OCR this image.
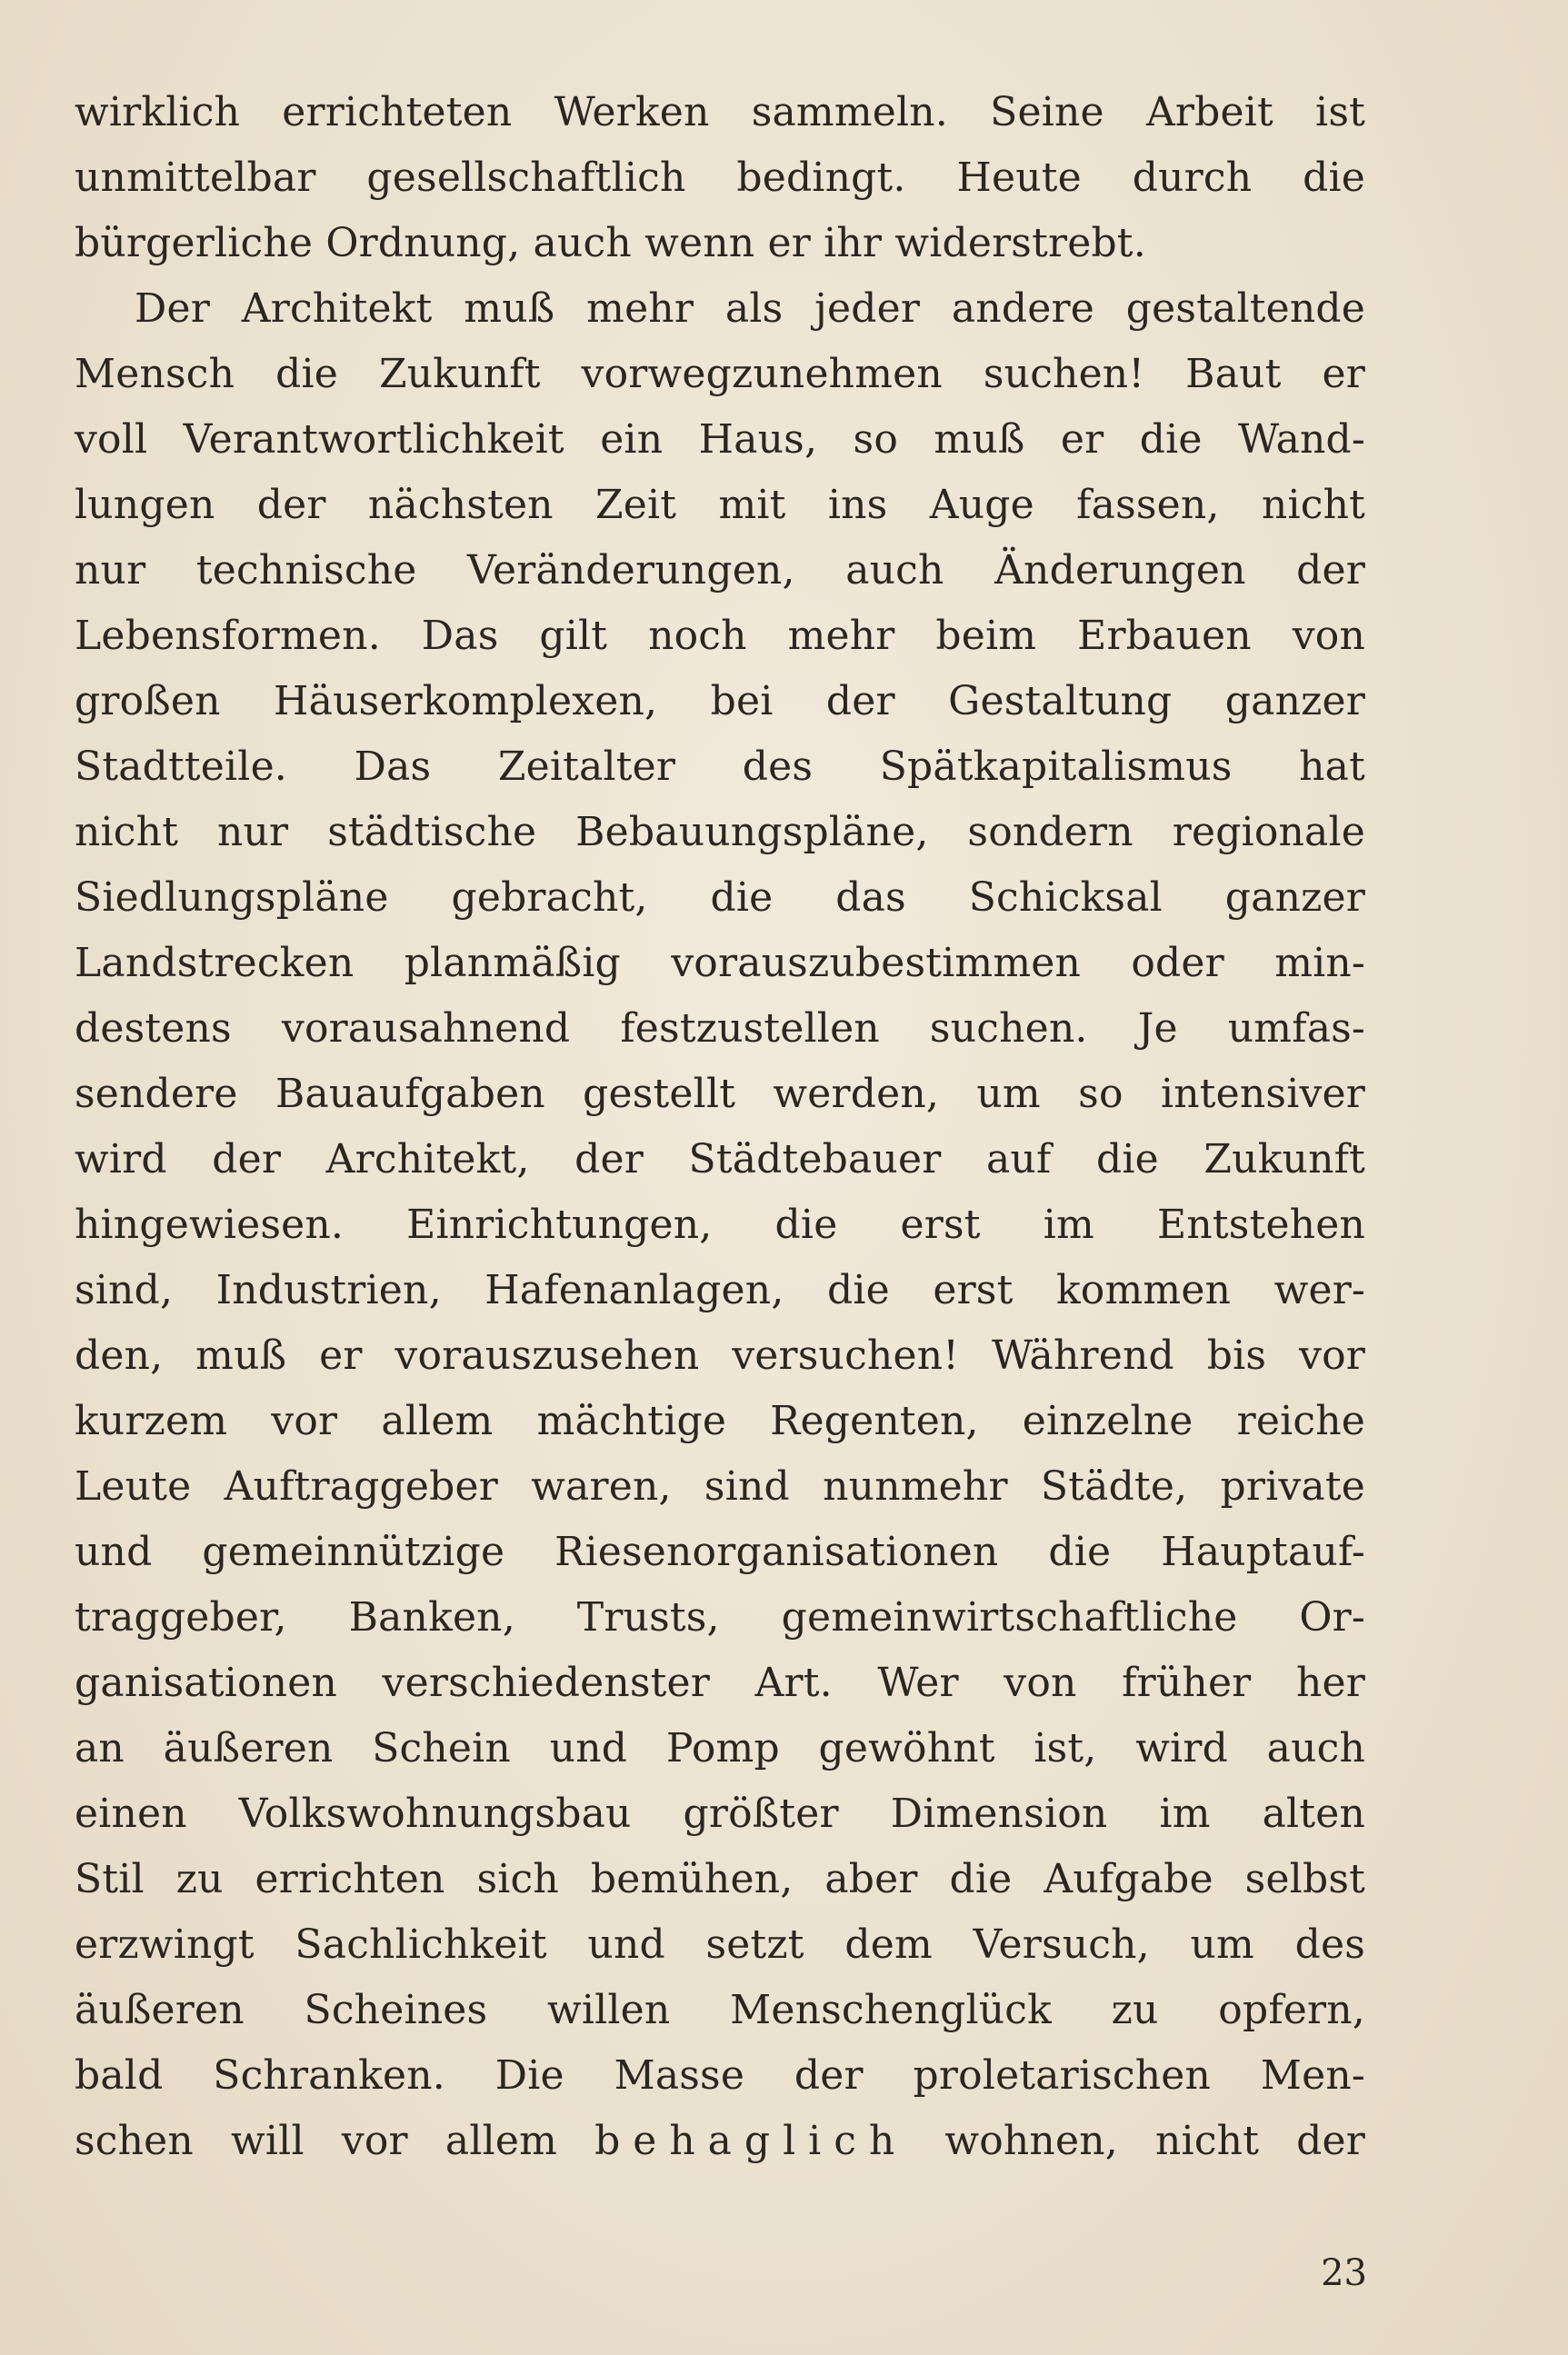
wirklich errichteten Werken sammeln. Seine Arbeit ist
unmittelbar gesellschaftlich bedingt. Heute durch die
bürgerliche Ordnung, auch wenn er ihr widerstrebt.
Der Architekt muß mehr als jeder andere gestaltende
Mensch die Zukunft vorwegzunehmen suchen! Baut er
voll Verantwortlichkeit ein Haus, so muß er die Wand-
lungen der nächsten Zeit mit ins Auge fassen, nicht
nur technische Veränderungen, auch Änderungen der
Lebensformen. Das gilt noch mehr beim Erbauen von
großen Häuserkomplexen, bei der Gestaltung ganzer
Stadtteile. Das Zeitalter des Spätkapitalismus hat
nicht nur städtische Bebauungspläne, sondern regionale
Siedlungspläne gebracht, die das Schicksal ganzer
Landstrecken planmäßig vorauszubestimmen oder min-
destens vorausahnend festzustellen suchen. Je umfas-
sendere Bauaufgaben gestellt werden, um so intensiver
wird der Architekt, der Städtebauer auf die Zukunft
hingewiesen. Einrichtungen, die erst im Entstehen
sind, Industrien, Hafenanlagen, die erst kommen wer-
den, muß er vorauszusehen versuchen! Während bis vor
kurzem vor allem mächtige Regenten, einzelne reiche
Leute Auftraggeber waren, sind nunmehr Städte, private
und gemeinnützige Riesenorganisationen die Hauptauf-
traggeber, Banken, Trusts, gemeinwirtschaftliche Or-
ganisationen verschiedenster Art. Wer von früher her
an äußeren Schein und Pomp gewöhnt ist, wird auch
einen Volkswohnungsbau größter Dimension im alten
Stil zu errichten sich bemühen, aber die Aufgabe selbst
erzwingt Sachlichkeit und setzt dem Versuch, um des
äußeren Scheines willen Menschenglück zu opfern,
bald Schranken. Die Masse der proletarischen Men-
schen will vor allem behaglich wohnen, nicht der
23
